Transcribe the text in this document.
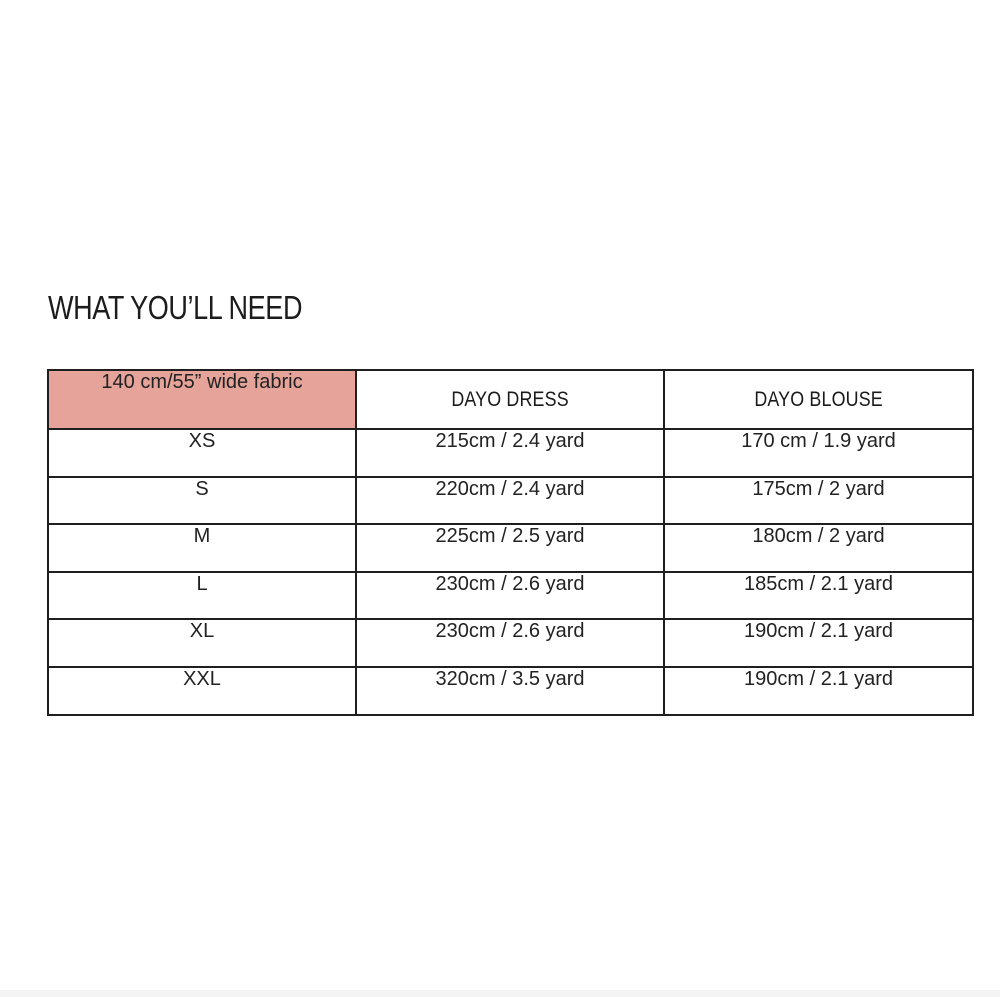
WHAT YOU’LL NEED
140 cm/55” wide fabric	DAYO DRESS	DAYO BLOUSE
XS	215cm / 2.4 yard	170 cm / 1.9 yard
S	220cm / 2.4 yard	175cm / 2 yard
M	225cm / 2.5 yard	180cm / 2 yard
L	230cm / 2.6 yard	185cm / 2.1 yard
XL	230cm / 2.6 yard	190cm / 2.1 yard
XXL	320cm / 3.5 yard	190cm / 2.1 yard
